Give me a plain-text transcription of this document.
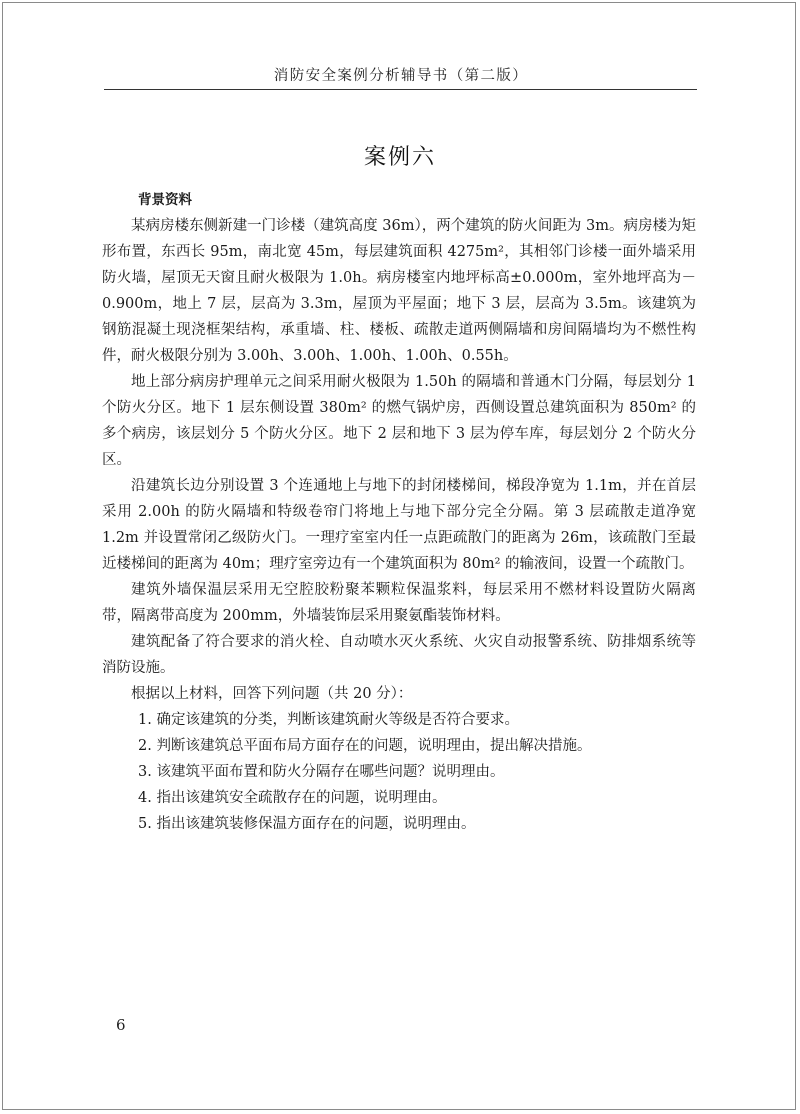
消防安全案例分析辅导书（第二版）
案例六

背景资料

某病房楼东侧新建一门诊楼（建筑高度 36m），两个建筑的防火间距为 3m。病房楼为矩形布置，东西长 95m，南北宽 45m，每层建筑面积 4275m²，其相邻门诊楼一面外墙采用防火墙，屋顶无天窗且耐火极限为 1.0h。病房楼室内地坪标高±0.000m，室外地坪高为－0.900m，地上 7 层，层高为 3.3m，屋顶为平屋面；地下 3 层，层高为 3.5m。该建筑为钢筋混凝土现浇框架结构，承重墙、柱、楼板、疏散走道两侧隔墙和房间隔墙均为不燃性构件，耐火极限分别为 3.00h、3.00h、1.00h、1.00h、0.55h。

地上部分病房护理单元之间采用耐火极限为 1.50h 的隔墙和普通木门分隔，每层划分 1 个防火分区。地下 1 层东侧设置 380m² 的燃气锅炉房，西侧设置总建筑面积为 850m² 的多个病房，该层划分 5 个防火分区。地下 2 层和地下 3 层为停车库，每层划分 2 个防火分区。

沿建筑长边分别设置 3 个连通地上与地下的封闭楼梯间，梯段净宽为 1.1m，并在首层采用 2.00h 的防火隔墙和特级卷帘门将地上与地下部分完全分隔。第 3 层疏散走道净宽 1.2m 并设置常闭乙级防火门。一理疗室室内任一点距疏散门的距离为 26m，该疏散门至最近楼梯间的距离为 40m；理疗室旁边有一个建筑面积为 80m² 的输液间，设置一个疏散门。

建筑外墙保温层采用无空腔胶粉聚苯颗粒保温浆料，每层采用不燃材料设置防火隔离带，隔离带高度为 200mm，外墙装饰层采用聚氨酯装饰材料。

建筑配备了符合要求的消火栓、自动喷水灭火系统、火灾自动报警系统、防排烟系统等消防设施。

根据以上材料，回答下列问题（共 20 分）：

1. 确定该建筑的分类，判断该建筑耐火等级是否符合要求。

2. 判断该建筑总平面布局方面存在的问题，说明理由，提出解决措施。

3. 该建筑平面布置和防火分隔存在哪些问题？说明理由。

4. 指出该建筑安全疏散存在的问题，说明理由。

5. 指出该建筑装修保温方面存在的问题，说明理由。

6
